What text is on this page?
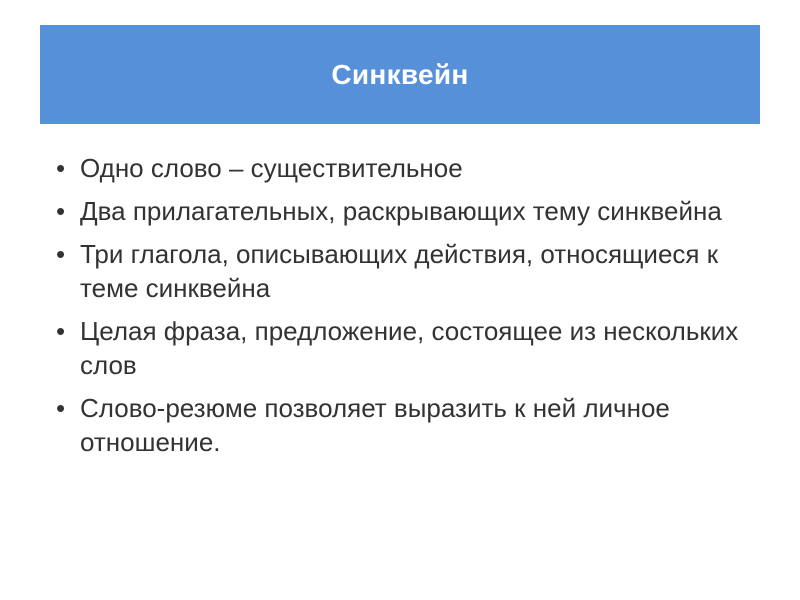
Синквейн
• Одно слово – существительное
• Два прилагательных, раскрывающих тему синквейна
• Три глагола, описывающих действия, относящиеся к теме синквейна
• Целая фраза, предложение, состоящее из нескольких слов
• Слово-резюме позволяет выразить к ней личное отношение.
